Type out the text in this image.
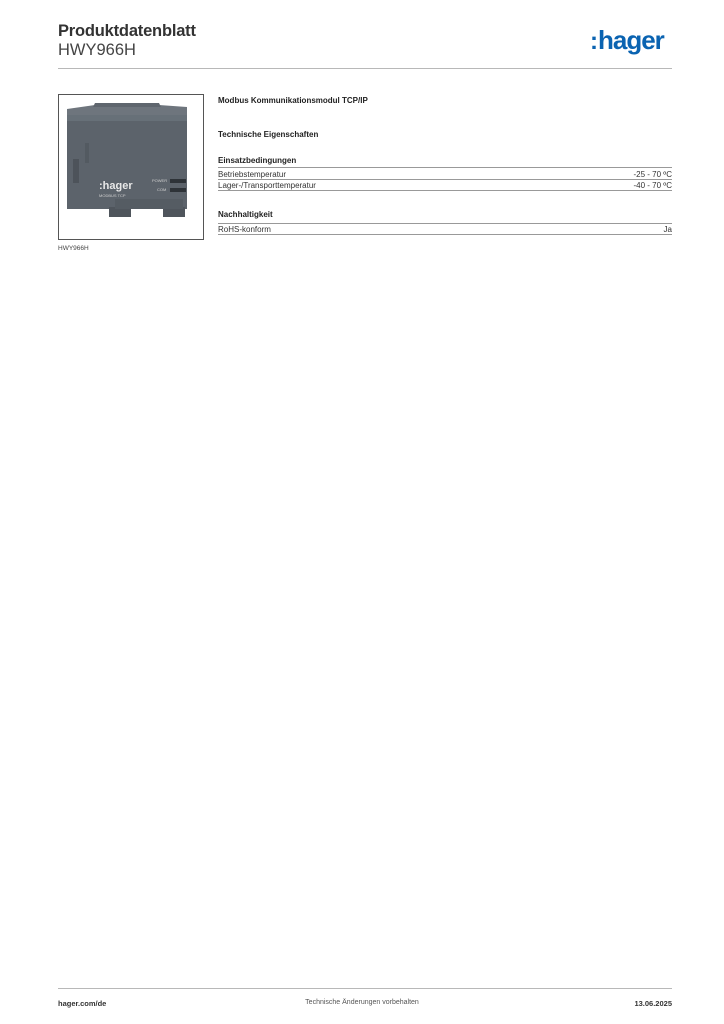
Produktdatenblatt
HWY966H	:hager
:hager
MODBUS TCP
POWER
COM
HWY966H
Modbus Kommunikationsmodul TCP/IP
Technische Eigenschaften
Einsatzbedingungen
Betriebstemperatur	-25 - 70 ºC
Lager-/Transporttemperatur	-40 - 70 ºC
Nachhaltigkeit
RoHS-konform	Ja
hager.com/de	Technische Änderungen vorbehalten	13.06.2025
